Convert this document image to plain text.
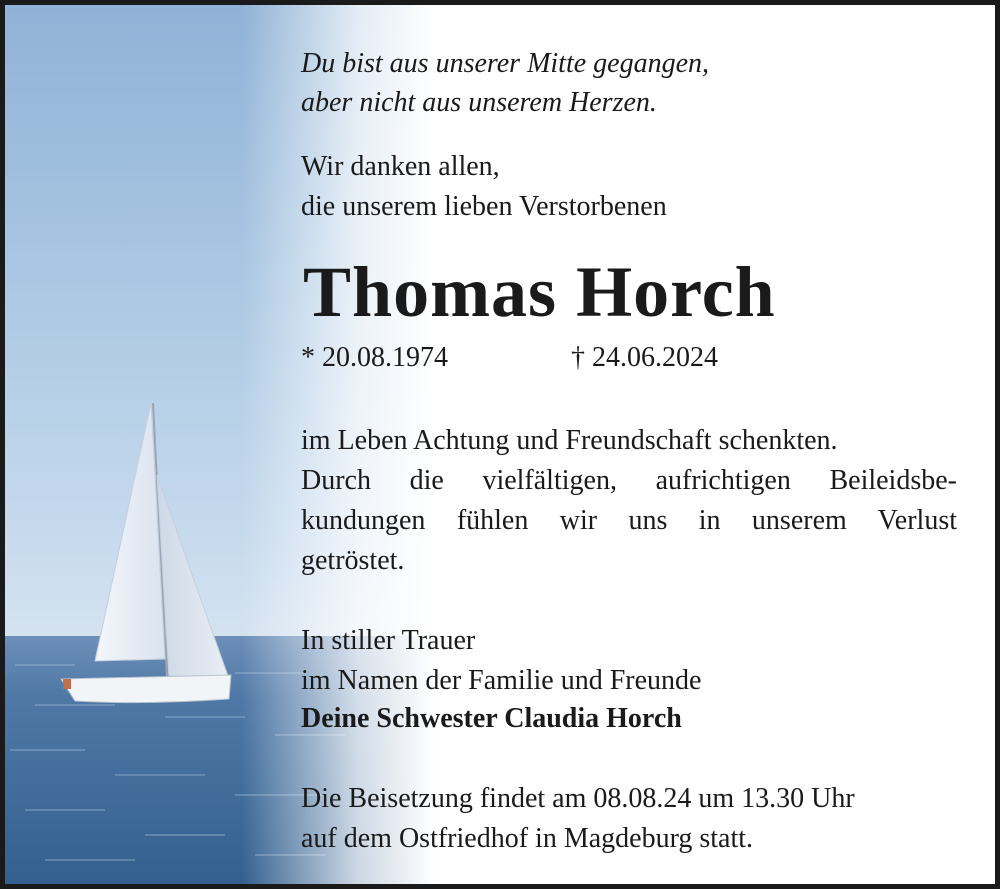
Du bist aus unserer Mitte gegangen,
aber nicht aus unserem Herzen.
Wir danken allen,
die unserem lieben Verstorbenen
Thomas Horch
* 20.08.1974	† 24.06.2024
im Leben Achtung und Freundschaft schenkten.
Durch die vielfältigen, aufrichtigen Beileidsbe-
kundungen fühlen wir uns in unserem Verlust
getröstet.
In stiller Trauer
im Namen der Familie und Freunde
Deine Schwester Claudia Horch
Die Beisetzung findet am 08.08.24 um 13.30 Uhr
auf dem Ostfriedhof in Magdeburg statt.
